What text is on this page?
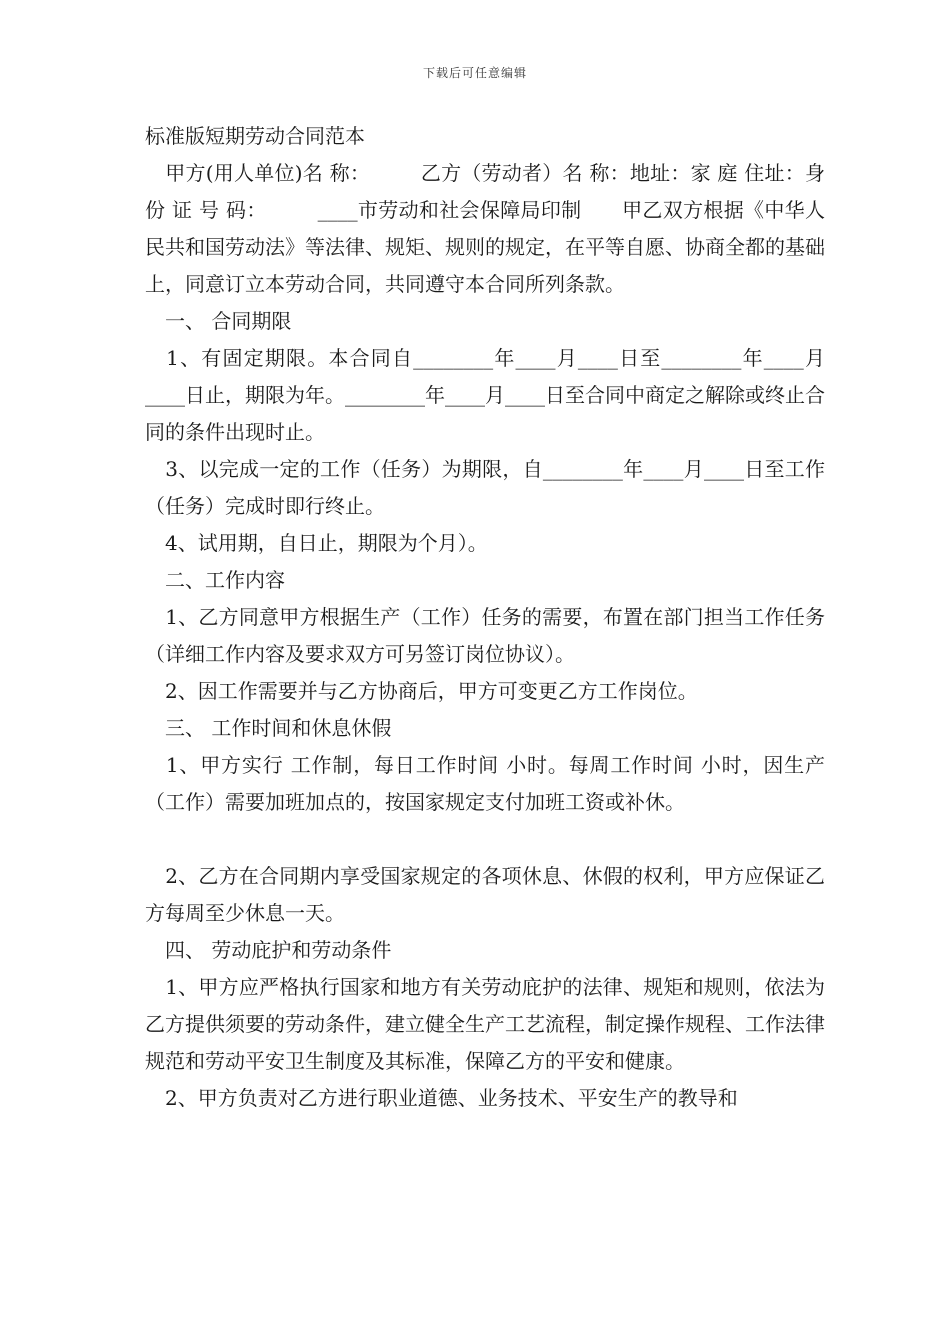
下载后可任意编辑
标准版短期劳动合同范本

　甲方(用人单位)名 称：　　　乙方（劳动者）名 称：地址：家 庭 住址：身份 证 号 码：　　　____市劳动和社会保障局印制　　甲乙双方根据《中华人民共和国劳动法》等法律、规矩、规则的规定，在平等自愿、协商全都的基础上，同意订立本劳动合同，共同遵守本合同所列条款。

　一、 合同期限

　1、有固定期限。本合同自________年____月____日至________年____月____日止，期限为年。________年____月____日至合同中商定之解除或终止合同的条件出现时止。

　3、以完成一定的工作（任务）为期限，自________年____月____日至工作（任务）完成时即行终止。

　4、试用期，自日止，期限为个月）。

　二、工作内容

　1、乙方同意甲方根据生产（工作）任务的需要，布置在部门担当工作任务（详细工作内容及要求双方可另签订岗位协议）。

　2、因工作需要并与乙方协商后，甲方可变更乙方工作岗位。

　三、 工作时间和休息休假

　1、甲方实行 工作制，每日工作时间 小时。每周工作时间 小时，因生产（工作）需要加班加点的，按国家规定支付加班工资或补休。

　2、乙方在合同期内享受国家规定的各项休息、休假的权利，甲方应保证乙方每周至少休息一天。

　四、 劳动庇护和劳动条件

　1、甲方应严格执行国家和地方有关劳动庇护的法律、规矩和规则，依法为乙方提供须要的劳动条件，建立健全生产工艺流程，制定操作规程、工作法律规范和劳动平安卫生制度及其标准，保障乙方的平安和健康。

　2、甲方负责对乙方进行职业道德、业务技术、平安生产的教导和
